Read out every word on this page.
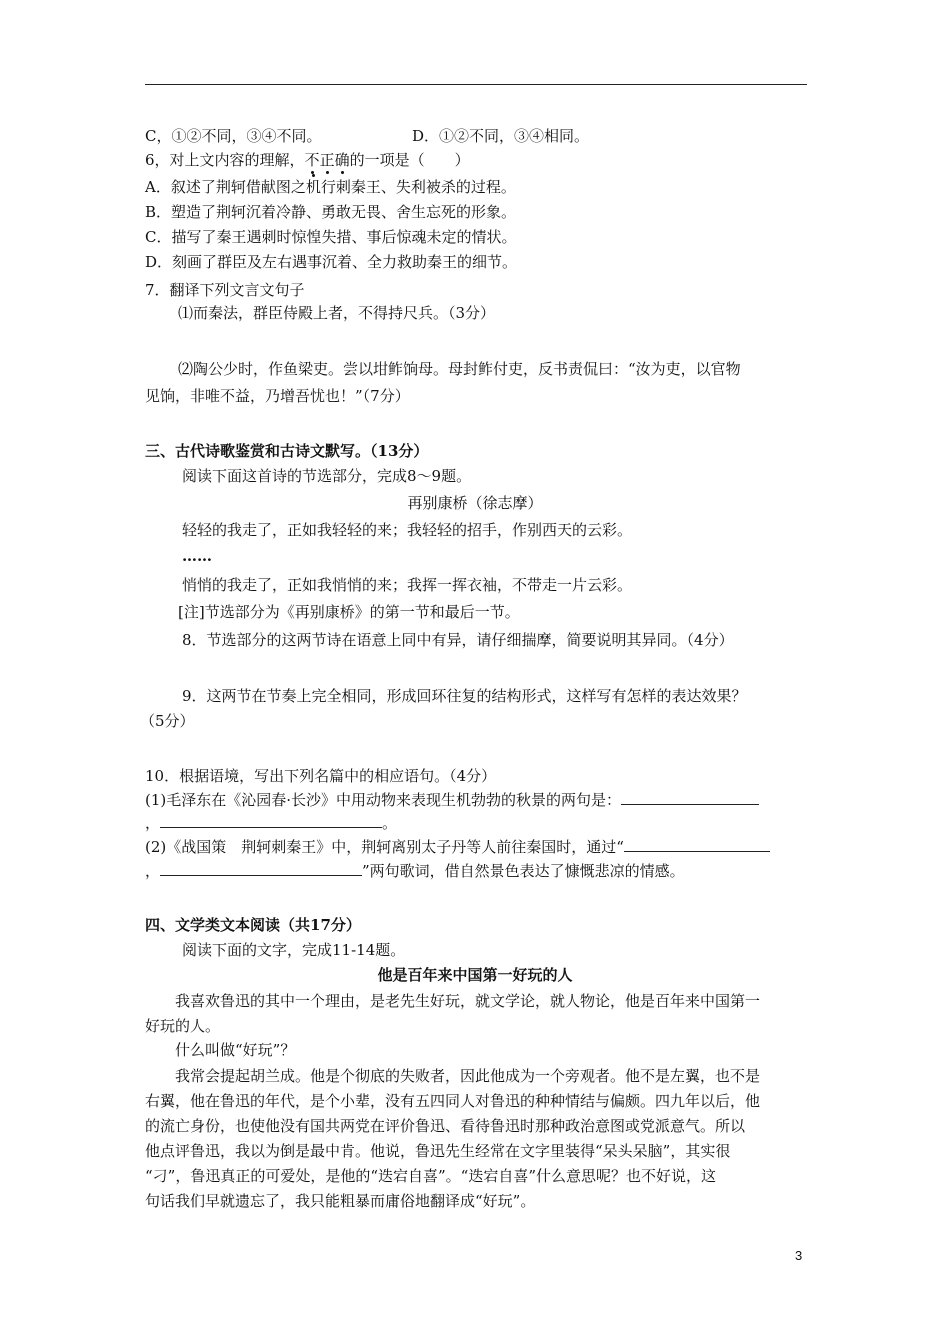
C，①②不同，③④不同。	D．①②不同，③④相同。
6，对上文内容的理解，不正确的一项是（　　）
A．叙述了荆轲借献图之机行刺秦王、失利被杀的过程。
B．塑造了荆轲沉着冷静、勇敢无畏、舍生忘死的形象。
C．描写了秦王遇刺时惊惶失措、事后惊魂未定的情状。
D．刻画了群臣及左右遇事沉着、全力救助秦王的细节。
7．翻译下列文言文句子
⑴而秦法，群臣侍殿上者，不得持尺兵。（3分）
⑵陶公少时，作鱼梁吏。尝以坩鲊饷母。母封鲊付吏，反书责侃曰：“汝为吏，以官物
见饷，非唯不益，乃增吾忧也！”（7分）
三、古代诗歌鉴赏和古诗文默写。（13分）
阅读下面这首诗的节选部分，完成8～9题。
再别康桥（徐志摩）
轻轻的我走了，正如我轻轻的来；我轻轻的招手，作别西天的云彩。
……
悄悄的我走了，正如我悄悄的来；我挥一挥衣袖，不带走一片云彩。
[注]节选部分为《再别康桥》的第一节和最后一节。
8．节选部分的这两节诗在语意上同中有异，请仔细揣摩，简要说明其异同。（4分）
9．这两节在节奏上完全相同，形成回环往复的结构形式，这样写有怎样的表达效果？
（5分）
10．根据语境，写出下列名篇中的相应语句。（4分）
(1)毛泽东在《沁园春·长沙》中用动物来表现生机勃勃的秋景的两句是：
，	。
(2)《战国策　荆轲刺秦王》中，荆轲离别太子丹等人前往秦国时，通过“
，	”两句歌词，借自然景色表达了慷慨悲凉的情感。
四、文学类文本阅读（共17分）
阅读下面的文字，完成11-14题。
他是百年来中国第一好玩的人
我喜欢鲁迅的其中一个理由，是老先生好玩，就文学论，就人物论，他是百年来中国第一
好玩的人。
什么叫做“好玩”？
我常会提起胡兰成。他是个彻底的失败者，因此他成为一个旁观者。他不是左翼，也不是
右翼，他在鲁迅的年代，是个小辈，没有五四同人对鲁迅的种种情结与偏颇。四九年以后，他
的流亡身份，也使他没有国共两党在评价鲁迅、看待鲁迅时那种政治意图或党派意气。所以
他点评鲁迅，我以为倒是最中肯。他说，鲁迅先生经常在文字里装得“呆头呆脑”，其实很
“刁”，鲁迅真正的可爱处，是他的“迭宕自喜”。“迭宕自喜”什么意思呢？也不好说，这
句话我们早就遗忘了，我只能粗暴而庸俗地翻译成“好玩”。
3
